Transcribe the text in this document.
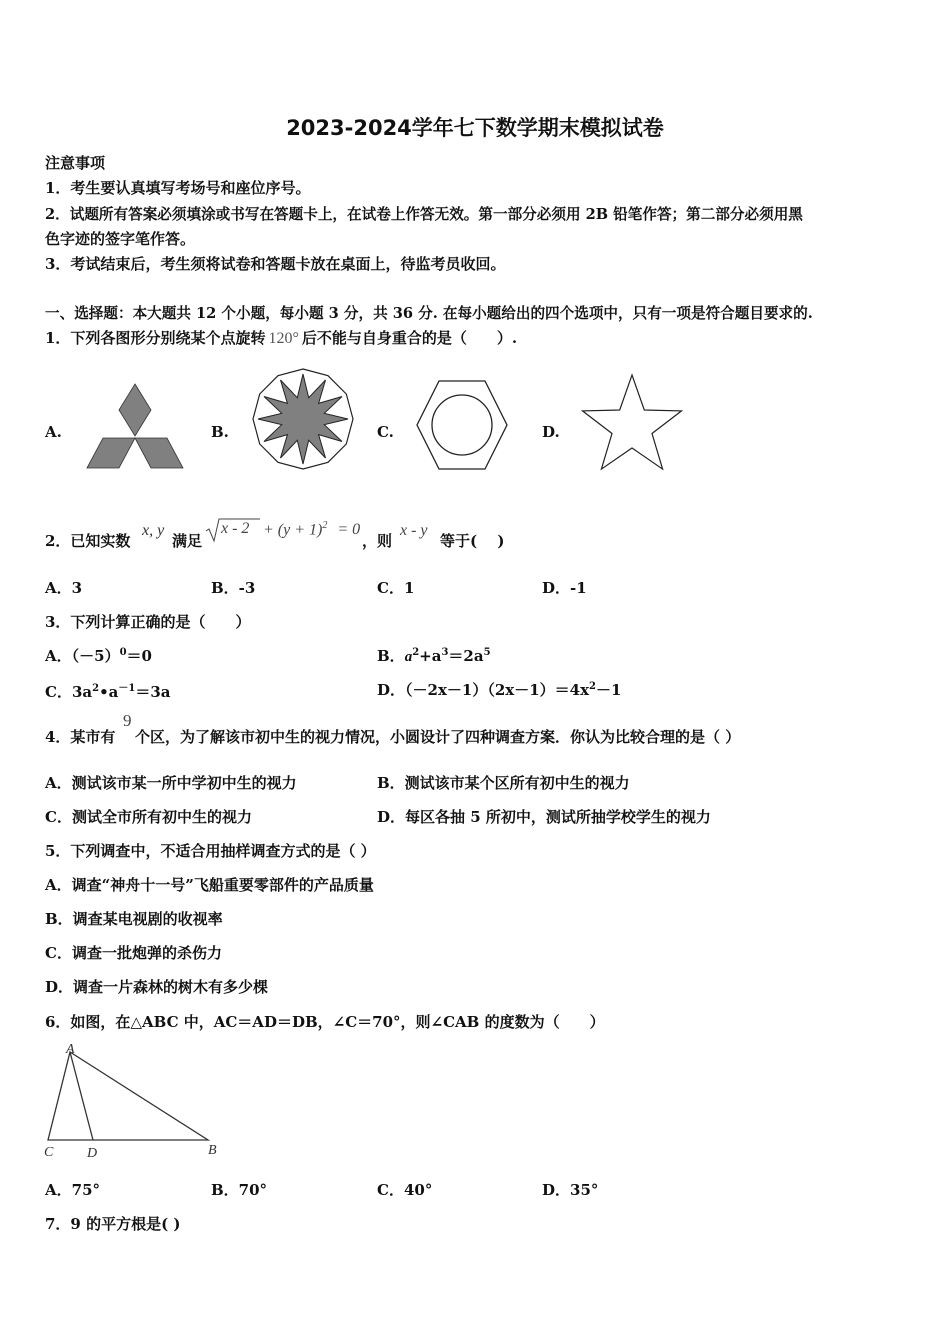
2023-2024学年七下数学期末模拟试卷
注意事项
1．考生要认真填写考场号和座位序号。
2．试题所有答案必须填涂或书写在答题卡上，在试卷上作答无效。第一部分必须用 2B 铅笔作答；第二部分必须用黑
色字迹的签字笔作答。
3．考试结束后，考生须将试卷和答题卡放在桌面上，待监考员收回。
一、选择题：本大题共 12 个小题，每小题 3 分，共 36 分. 在每小题给出的四个选项中，只有一项是符合题目要求的.
1．下列各图形分别绕某个点旋转 120° 后不能与自身重合的是（　　）.
A.	B.	C.	D.
2．已知实数
x, y
满足
$x - 2 + (y + 1)^2 = 0$
，则
x - y
等于(　 )
A．3	B．-3	C．1	D．-1
3．下列计算正确的是（　　）
A．$(-5)^0=0$	B．$a^2+a^3=2a^5$
C．$3a^2•a^{-1}=3a$	D．$(-2x-1)(2x-1)=4x^2-1$
4．某市有
9
个区，为了解该市初中生的视力情况，小圆设计了四种调查方案．你认为比较合理的是（ ）
A．测试该市某一所中学初中生的视力	B．测试该市某个区所有初中生的视力
C．测试全市所有初中生的视力	D．每区各抽 5 所初中，测试所抽学校学生的视力
5．下列调查中，不适合用抽样调查方式的是（ ）
A．调查“神舟十一号”飞船重要零部件的产品质量
B．调查某电视剧的收视率
C．调查一批炮弹的杀伤力
D．调查一片森林的树木有多少棵
6．如图，在△ABC 中，AC＝AD＝DB，∠C＝70°，则∠CAB 的度数为（　　）
A
C D	B
A．75°	B．70°	C．40°	D．35°
7．9 的平方根是( )
